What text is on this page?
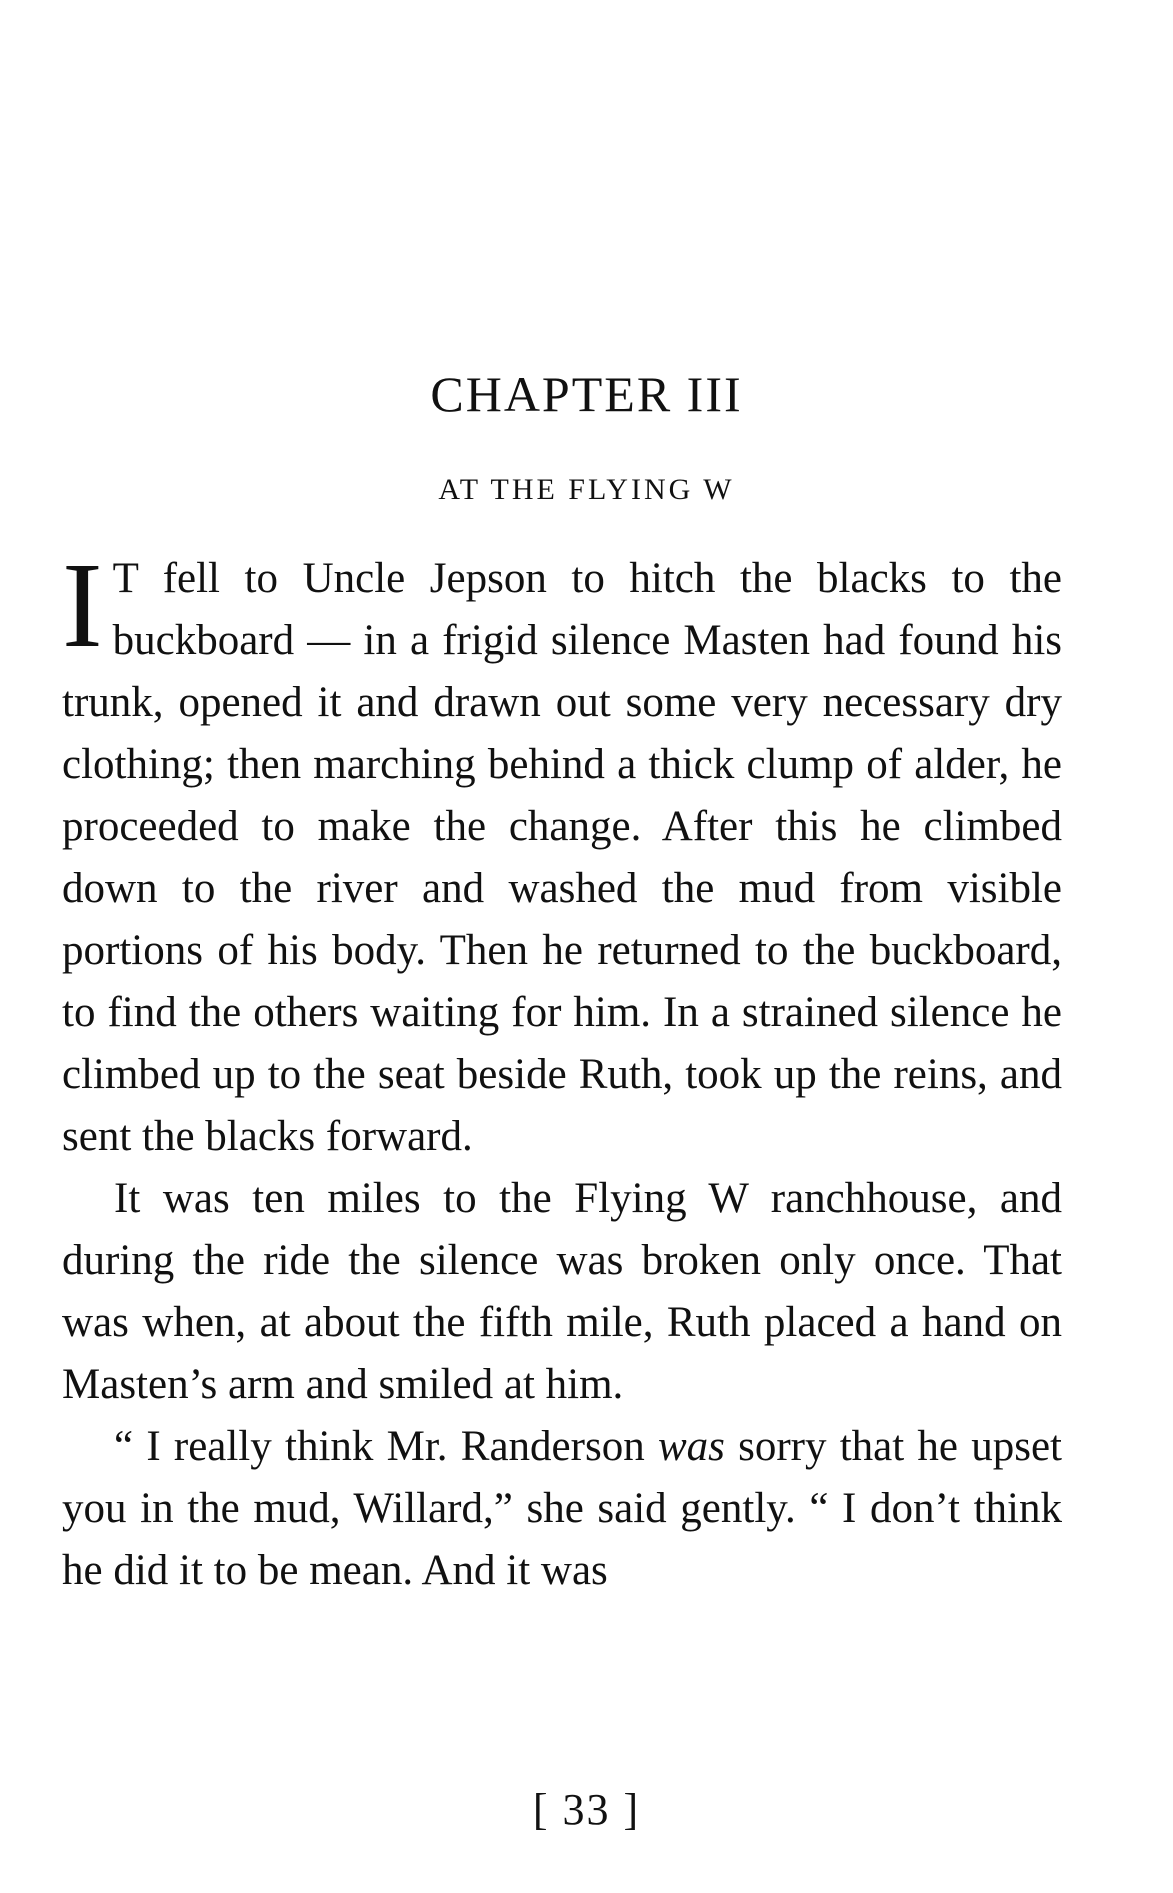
CHAPTER III
AT THE FLYING W

I T fell to Uncle Jepson to hitch the blacks to the buckboard — in a frigid silence Masten had found his trunk, opened it and drawn out some very necessary dry clothing; then marching behind a thick clump of alder, he proceeded to make the change. After this he climbed down to the river and washed the mud from visible portions of his body. Then he returned to the buckboard, to find the others waiting for him. In a strained silence he climbed up to the seat beside Ruth, took up the reins, and sent the blacks forward.

It was ten miles to the Flying W ranchhouse, and during the ride the silence was broken only once. That was when, at about the fifth mile, Ruth placed a hand on Masten’s arm and smiled at him.

“ I really think Mr. Randerson was sorry that he upset you in the mud, Willard,” she said gently. “ I don’t think he did it to be mean. And it was

[ 33 ]
